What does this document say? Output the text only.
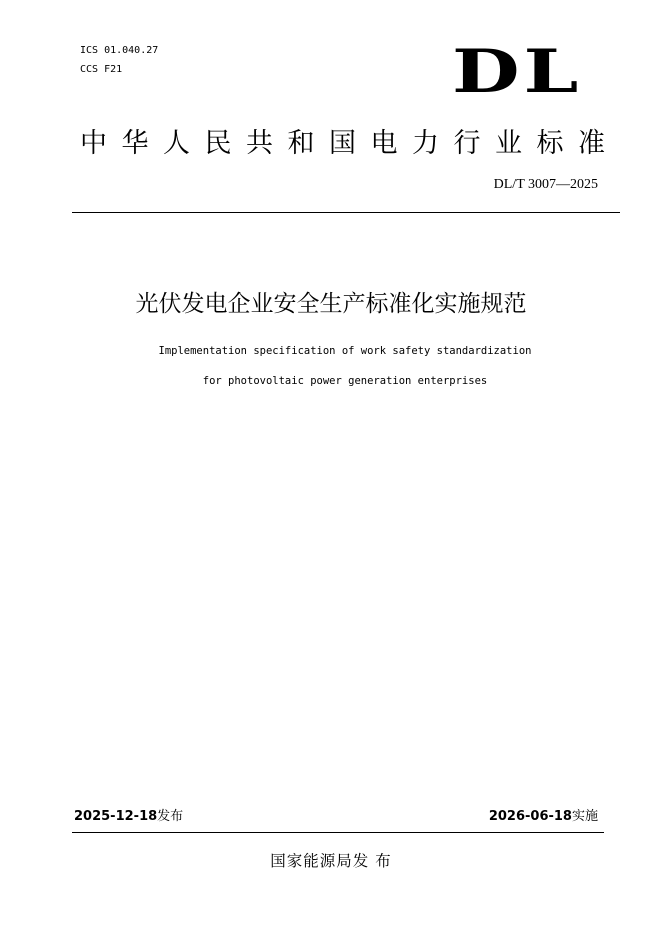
ICS 01.040.27
CCS F21	DL
中华人民共和国电力行业标准
DL/T 3007—2025
光伏发电企业安全生产标准化实施规范
Implementation specification of work safety standardization
for photovoltaic power generation enterprises
2025-12-18发布	2026-06-18实施
国家能源局发 布
